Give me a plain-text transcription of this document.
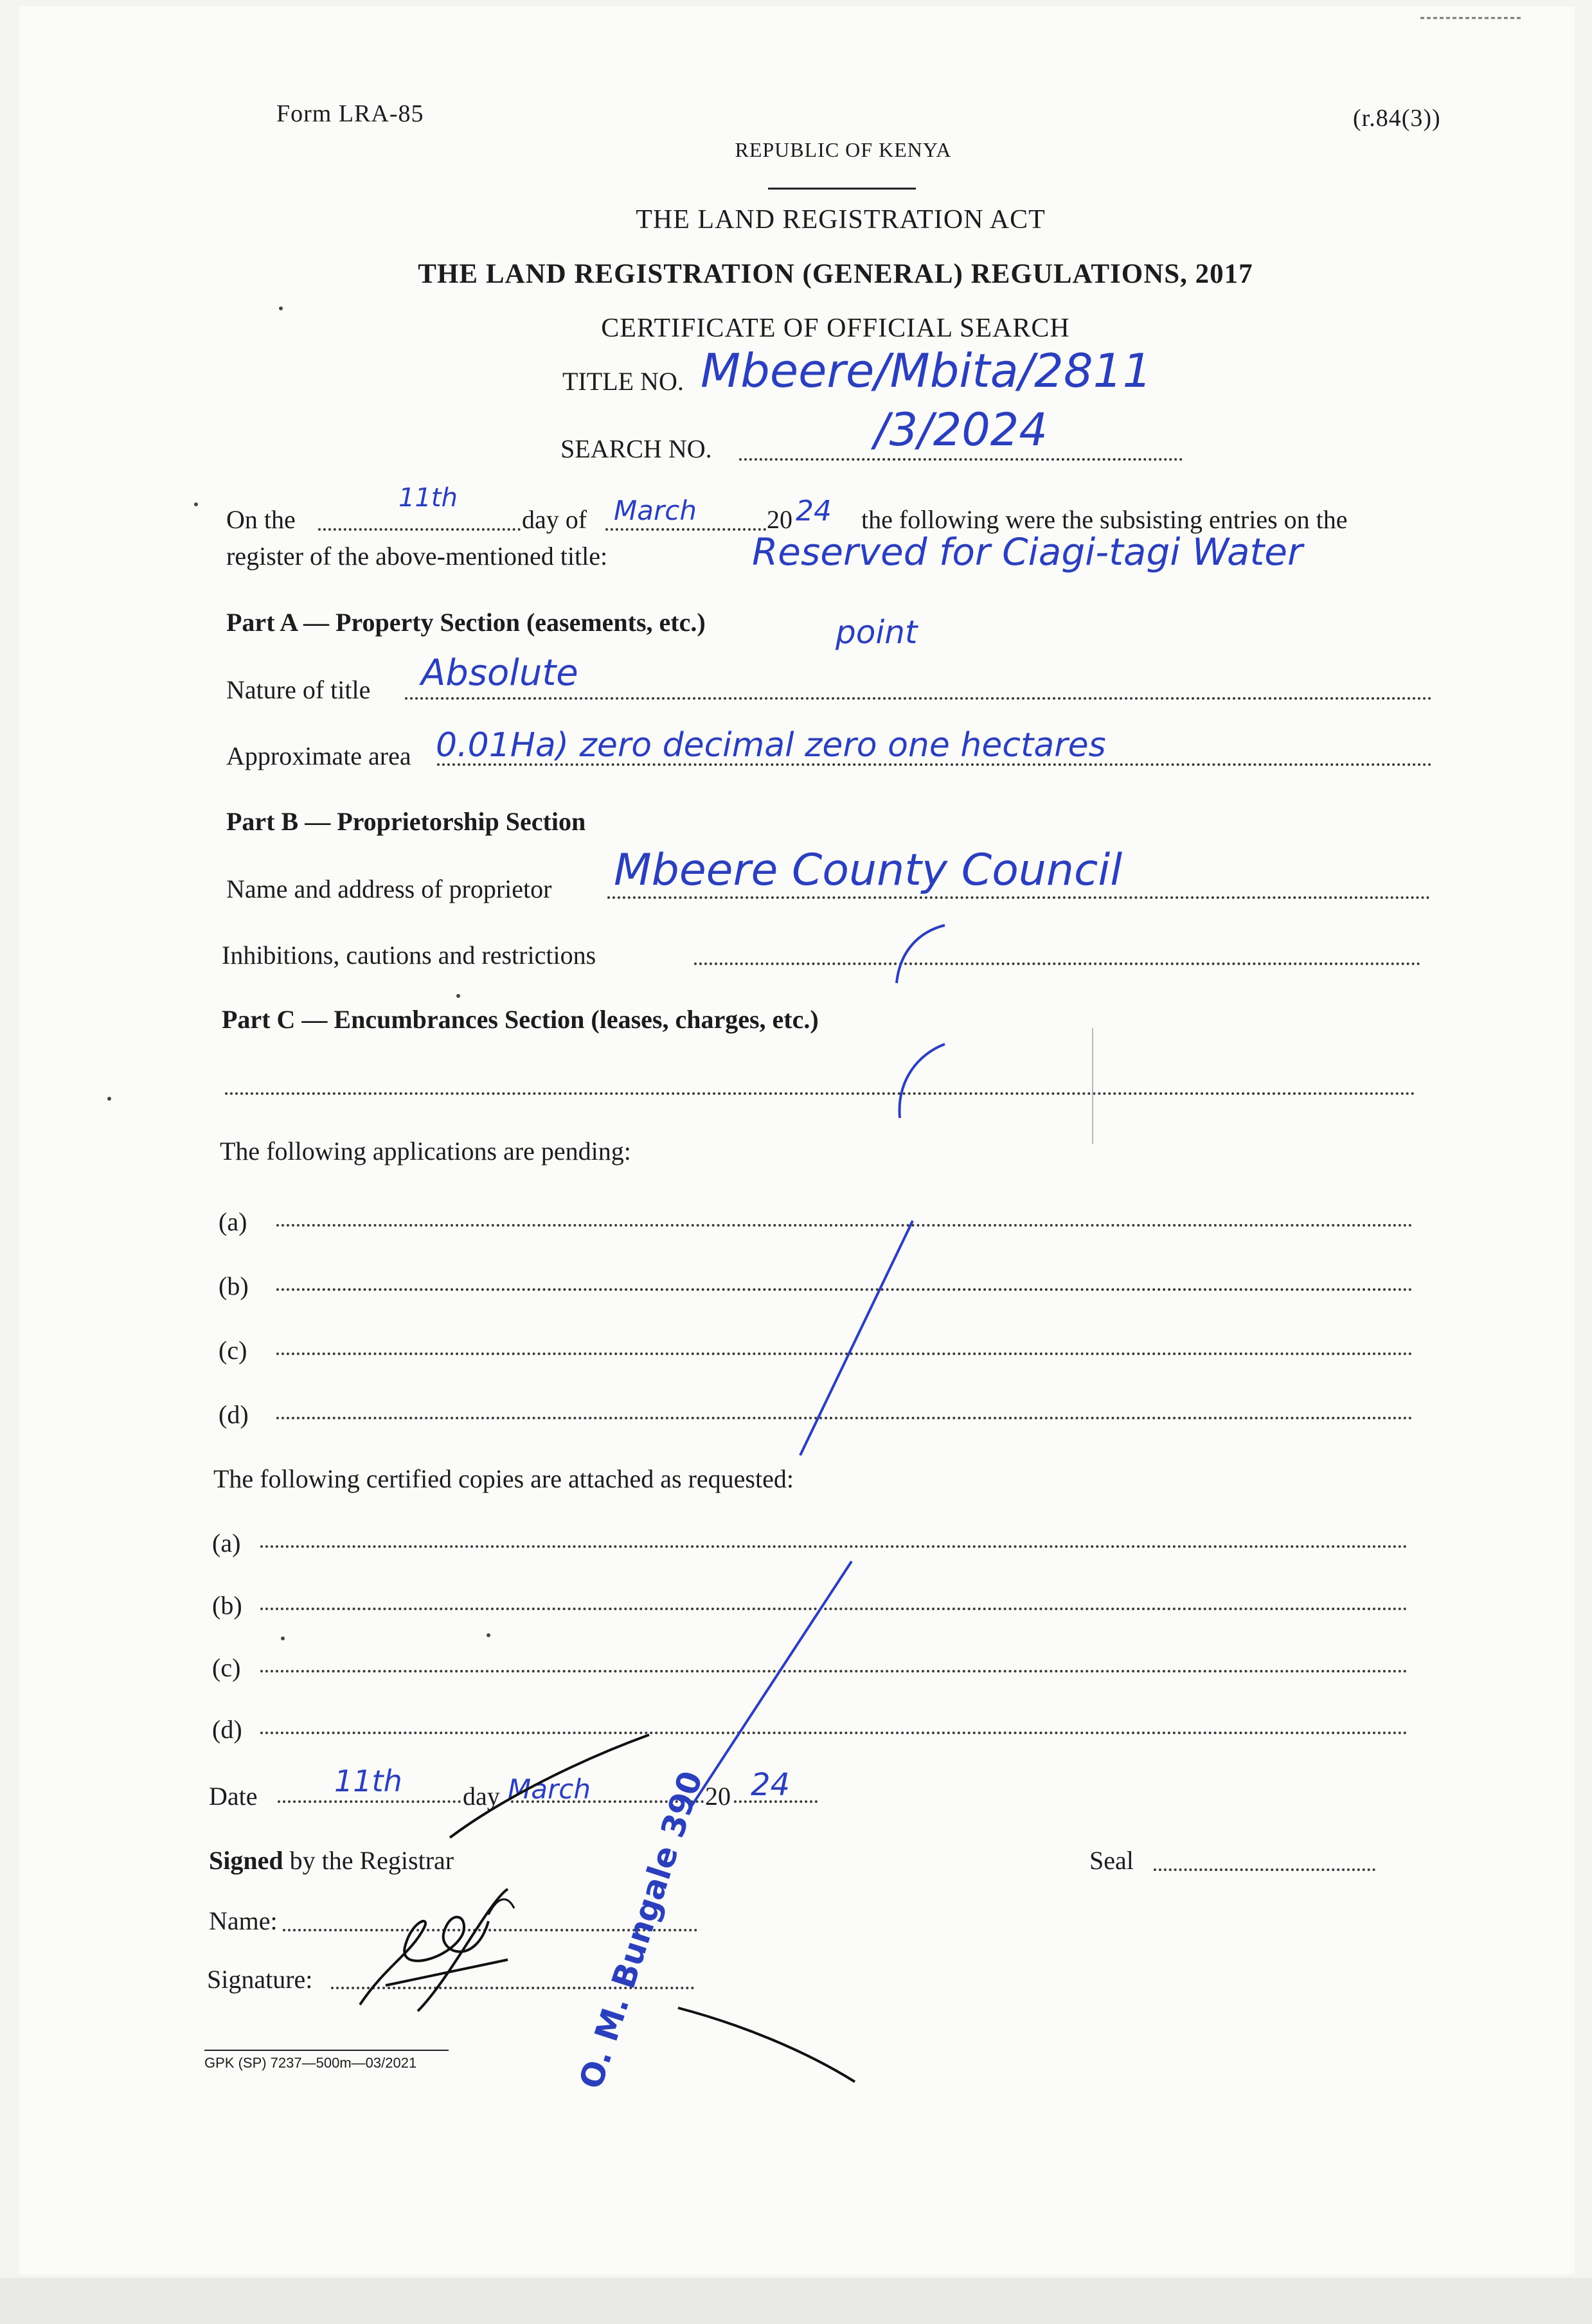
Form LRA-85	(r.84(3))
REPUBLIC OF KENYA
THE LAND REGISTRATION ACT
THE LAND REGISTRATION (GENERAL) REGULATIONS, 2017
CERTIFICATE OF OFFICIAL SEARCH
TITLE NO. Mbeere/Mbita/2811
SEARCH NO.	/3/2024
On the
11th
day of March	20 24 the following were the subsisting entries on the
register of the above-mentioned title:	Reserved for Ciagi-tagi Water
point
Part A — Property Section (easements, etc.)
Nature of title Absolute
Approximate area 0.01Ha) zero decimal zero one hectares
Part B — Proprietorship Section
Name and address of proprietor Mbeere County Council
Inhibitions, cautions and restrictions
Part C — Encumbrances Section (leases, charges, etc.)
The following applications are pending:
(a)
(b)
(c)
(d)
The following certified copies are attached as requested:
(a)
(b)
(c)
(d)
Date	11th day March	20 24
Signed by the Registrar	Seal
Name:
Signature:	O. M. Bungale 390
GPK (SP) 7237—500m—03/2021
